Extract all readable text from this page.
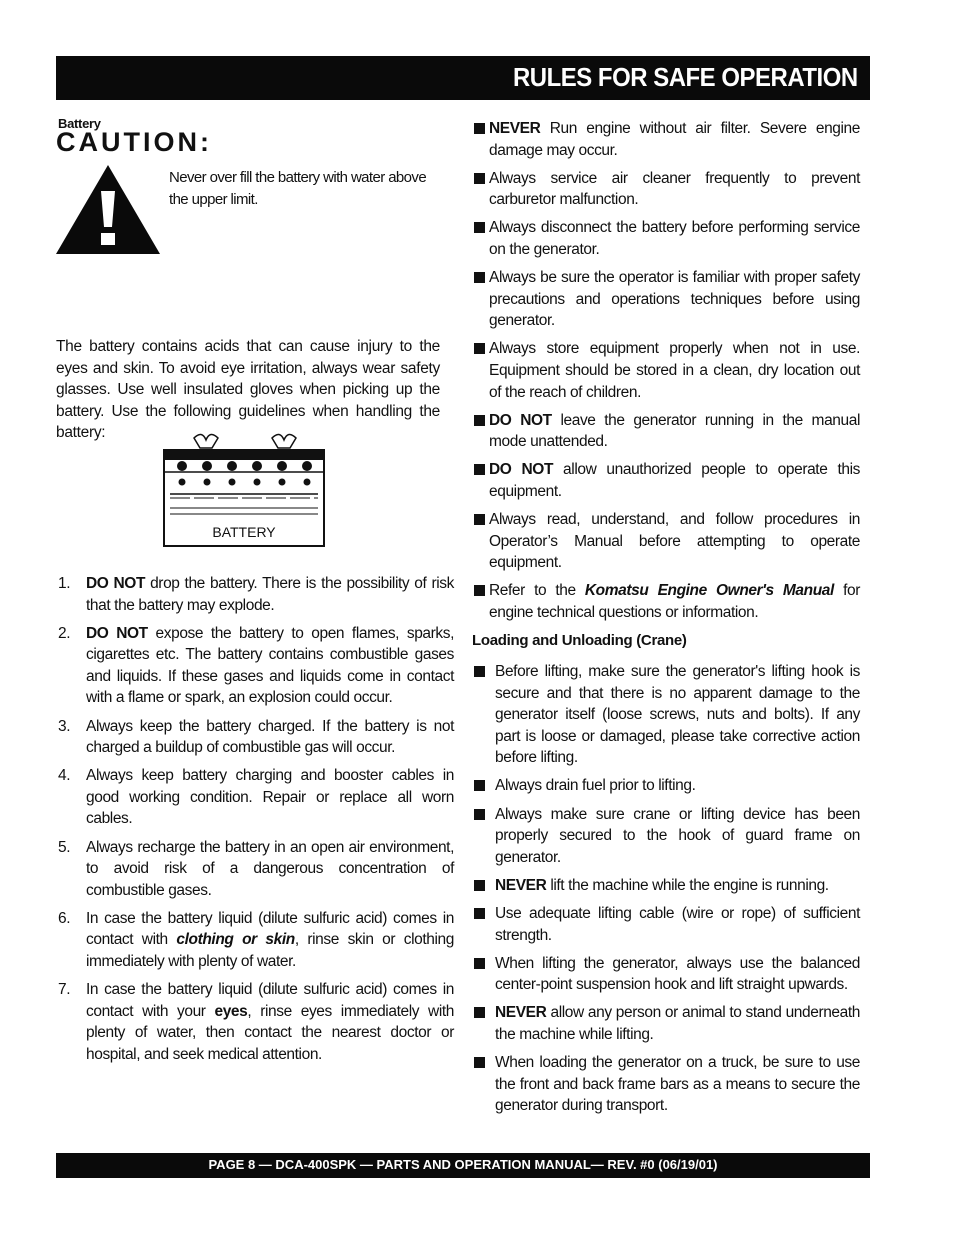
RULES FOR SAFE OPERATION
Battery
CAUTION:
Never over fill the battery with water above the upper limit.
The battery contains acids that can cause injury to the eyes and skin. To avoid eye irritation, always wear safety glasses. Use well insulated gloves when picking up the battery. Use the following guidelines when handling the battery:
BATTERY
1. DO NOT drop the battery. There is the possibility of risk that the battery may explode.
2. DO NOT expose the battery to open flames, sparks, cigarettes etc. The battery contains combustible gases and liquids. If these gases and liquids come in contact with a flame or spark, an explosion could occur.
3. Always keep the battery charged. If the battery is not charged a buildup of combustible gas will occur.
4. Always keep battery charging and booster cables in good working condition. Repair or replace all worn cables.
5. Always recharge the battery in an open air environment, to avoid risk of a dangerous concentration of combustible gases.
6. In case the battery liquid (dilute sulfuric acid) comes in contact with clothing or skin, rinse skin or clothing immediately with plenty of water.
7. In case the battery liquid (dilute sulfuric acid) comes in contact with your eyes, rinse eyes immediately with plenty of water, then contact the nearest doctor or hospital, and seek medical attention.
NEVER Run engine without air filter. Severe engine damage may occur.
Always service air cleaner frequently to prevent carburetor malfunction.
Always disconnect the battery before performing service on the generator.
Always be sure the operator is familiar with proper safety precautions and operations techniques before using generator.
Always store equipment properly when not in use. Equipment should be stored in a clean, dry location out of the reach of children.
DO NOT leave the generator running in the manual mode unattended.
DO NOT allow unauthorized people to operate this equipment.
Always read, understand, and follow procedures in Operator’s Manual before attempting to operate equipment.
Refer to the Komatsu Engine Owner's Manual for engine technical questions or information.
Loading and Unloading (Crane)
Before lifting, make sure the generator's lifting hook is secure and that there is no apparent damage to the generator itself (loose screws, nuts and bolts). If any part is loose or damaged, please take corrective action before lifting.
Always drain fuel prior to lifting.
Always make sure crane or lifting device has been properly secured to the hook of guard frame on generator.
NEVER lift the machine while the engine is running.
Use adequate lifting cable (wire or rope) of sufficient strength.
When lifting the generator, always use the balanced center-point suspension hook and lift straight upwards.
NEVER allow any person or animal to stand underneath the machine while lifting.
When loading the generator on a truck, be sure to use the front and back frame bars as a means to secure the generator during transport.
PAGE 8 — DCA-400SPK — PARTS AND OPERATION MANUAL— REV. #0 (06/19/01)
